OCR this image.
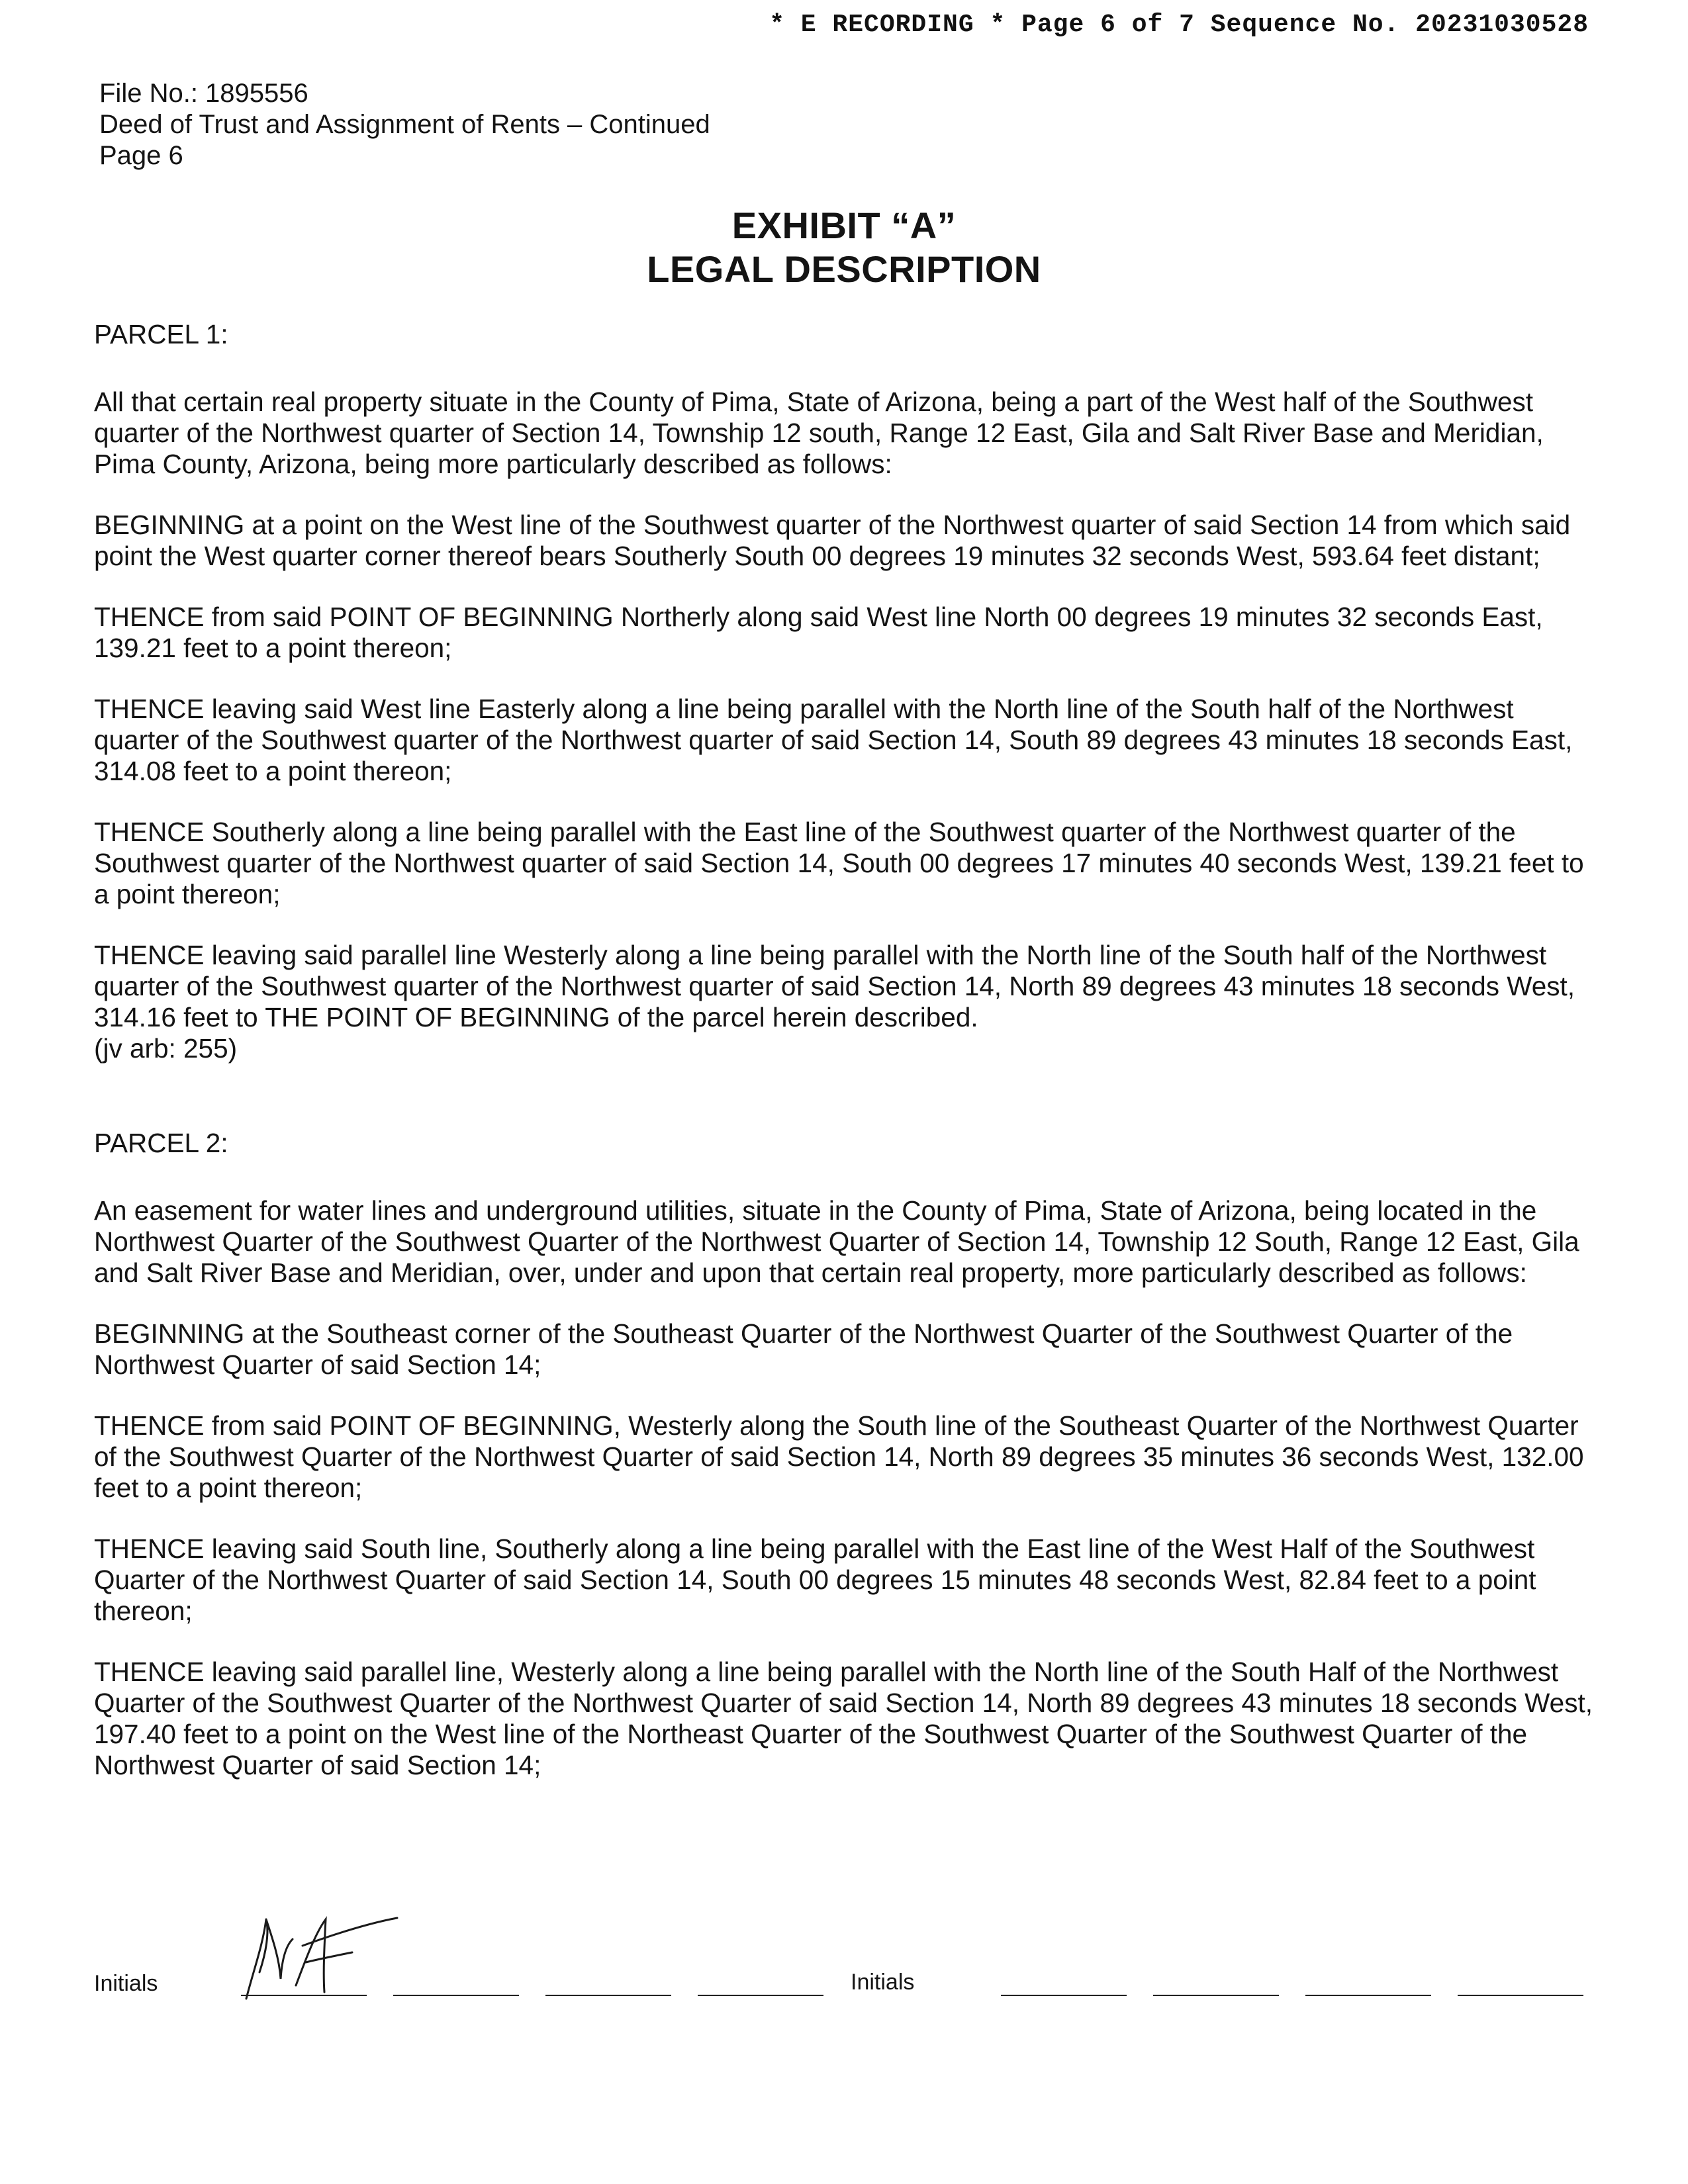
* E RECORDING * Page 6 of 7 Sequence No. 20231030528
File No.: 1895556
Deed of Trust and Assignment of Rents – Continued
Page 6
EXHIBIT “A”
LEGAL DESCRIPTION
PARCEL 1:

All that certain real property situate in the County of Pima, State of Arizona, being a part of the West half of the Southwest quarter of the Northwest quarter of Section 14, Township 12 south, Range 12 East, Gila and Salt River Base and Meridian, Pima County, Arizona, being more particularly described as follows:

BEGINNING at a point on the West line of the Southwest quarter of the Northwest quarter of said Section 14 from which said point the West quarter corner thereof bears Southerly South 00 degrees 19 minutes 32 seconds West, 593.64 feet distant;

THENCE from said POINT OF BEGINNING Northerly along said West line North 00 degrees 19 minutes 32 seconds East, 139.21 feet to a point thereon;

THENCE leaving said West line Easterly along a line being parallel with the North line of the South half of the Northwest quarter of the Southwest quarter of the Northwest quarter of said Section 14, South 89 degrees 43 minutes 18 seconds East, 314.08 feet to a point thereon;

THENCE Southerly along a line being parallel with the East line of the Southwest quarter of the Northwest quarter of the Southwest quarter of the Northwest quarter of said Section 14, South 00 degrees 17 minutes 40 seconds West, 139.21 feet to a point thereon;

THENCE leaving said parallel line Westerly along a line being parallel with the North line of the South half of the Northwest quarter of the Southwest quarter of the Northwest quarter of said Section 14, North 89 degrees 43 minutes 18 seconds West, 314.16 feet to THE POINT OF BEGINNING of the parcel herein described.

(jv arb: 255)
PARCEL 2:

An easement for water lines and underground utilities, situate in the County of Pima, State of Arizona, being located in the Northwest Quarter of the Southwest Quarter of the Northwest Quarter of Section 14, Township 12 South, Range 12 East, Gila and Salt River Base and Meridian, over, under and upon that certain real property, more particularly described as follows:

BEGINNING at the Southeast corner of the Southeast Quarter of the Northwest Quarter of the Southwest Quarter of the Northwest Quarter of said Section 14;

THENCE from said POINT OF BEGINNING, Westerly along the South line of the Southeast Quarter of the Northwest Quarter of the Southwest Quarter of the Northwest Quarter of said Section 14, North 89 degrees 35 minutes 36 seconds West, 132.00 feet to a point thereon;

THENCE leaving said South line, Southerly along a line being parallel with the East line of the West Half of the Southwest Quarter of the Northwest Quarter of said Section 14, South 00 degrees 15 minutes 48 seconds West, 82.84 feet to a point thereon;

THENCE leaving said parallel line, Westerly along a line being parallel with the North line of the South Half of the Northwest Quarter of the Southwest Quarter of the Northwest Quarter of said Section 14, North 89 degrees 43 minutes 18 seconds West, 197.40 feet to a point on the West line of the Northeast Quarter of the Southwest Quarter of the Southwest Quarter of the Northwest Quarter of said Section 14;

Initials	Initials
